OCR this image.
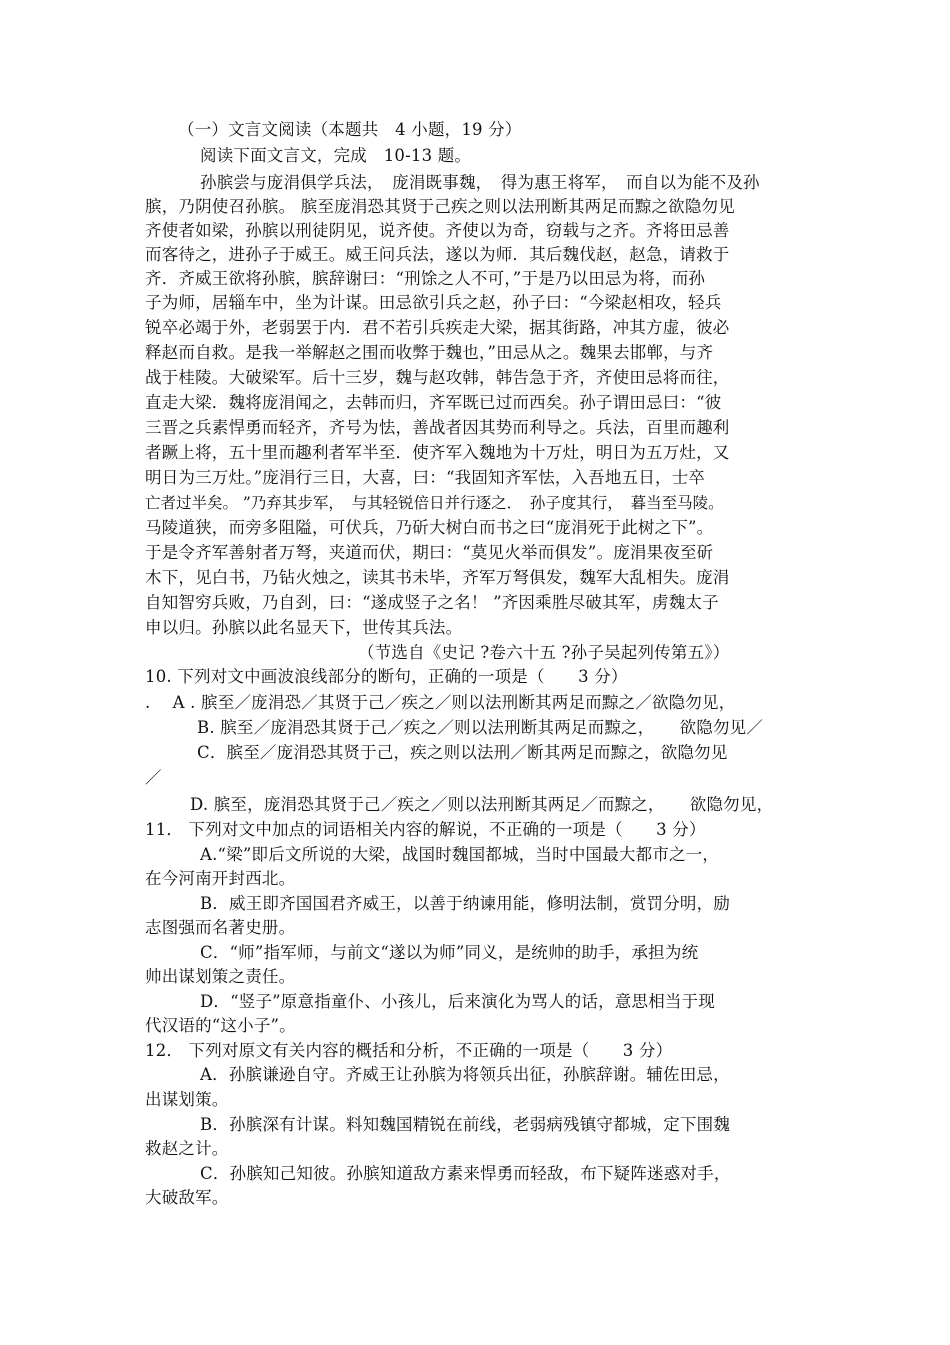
（一）文言文阅读（本题共　4 小题，19 分）
阅读下面文言文，完成　10-13 题。
孙膑尝与庞涓俱学兵法，　庞涓既事魏，　得为惠王将军，　而自以为能不及孙
膑，乃阴使召孙膑。 膑至庞涓恐其贤于己疾之则以法刑断其两足而黥之欲隐勿见
齐使者如梁，孙膑以刑徒阴见，说齐使。齐使以为奇，窃载与之齐。齐将田忌善
而客待之，进孙子于威王。威王问兵法，遂以为师．其后魏伐赵，赵急，请救于
齐．齐威王欲将孙膑，膑辞谢曰：“刑馀之人不可，”于是乃以田忌为将，而孙
子为师，居辎车中，坐为计谋。田忌欲引兵之赵，孙子曰：“今梁赵相攻，轻兵
锐卒必竭于外，老弱罢于内．君不若引兵疾走大梁，据其街路，冲其方虚，彼必
释赵而自救。是我一举解赵之围而收弊于魏也，”田忌从之。魏果去邯郸，与齐
战于桂陵。大破梁军。后十三岁，魏与赵攻韩，韩告急于齐，齐使田忌将而往，
直走大梁．魏将庞涓闻之，去韩而归，齐军既已过而西矣。孙子谓田忌曰：“彼
三晋之兵素悍勇而轻齐，齐号为怯，善战者因其势而利导之。兵法，百里而趣利
者蹶上将，五十里而趣利者军半至．使齐军入魏地为十万灶，明日为五万灶，又
明日为三万灶。”庞涓行三日，大喜，曰：“我固知齐军怯，入吾地五日，士卒
亡者过半矣。 ”乃弃其步军，　与其轻锐倍日并行逐之．　孙子度其行，　暮当至马陵。
马陵道狭，而旁多阻隘，可伏兵，乃斫大树白而书之曰“庞涓死于此树之下”。
于是令齐军善射者万弩，夹道而伏，期曰：“莫见火举而俱发”。庞涓果夜至斫
木下，见白书，乃钻火烛之，读其书未毕，齐军万弩俱发，魏军大乱相失。庞涓
自知智穷兵败，乃自刭，曰：“遂成竖子之名！ ”齐因乘胜尽破其军，虏魏太子
申以归。孙膑以此名显天下，世传其兵法。
（节选自《史记 ?卷六十五 ?孙子吴起列传第五》）
10. 下列对文中画波浪线部分的断句，正确的一项是（　　3 分）
.　 A . 膑至／庞涓恐／其贤于己／疾之／则以法刑断其两足而黥之／欲隐勿见，
B. 膑至／庞涓恐其贤于己／疾之／则以法刑断其两足而黥之，　　欲隐勿见／
C．膑至／庞涓恐其贤于己，疾之则以法刑／断其两足而黥之，欲隐勿见
／
D. 膑至，庞涓恐其贤于己／疾之／则以法刑断其两足／而黥之，　　欲隐勿见，
11． 下列对文中加点的词语相关内容的解说，不正确的一项是（　　3 分）
A.“梁”即后文所说的大梁，战国时魏国都城，当时中国最大都市之一，
在今河南开封西北。
B．威王即齐国国君齐威王，以善于纳谏用能，修明法制，赏罚分明，励
志图强而名著史册。
C．“师”指军师，与前文“遂以为师”同义，是统帅的助手，承担为统
帅出谋划策之责任。
D．“竖子”原意指童仆、小孩儿，后来演化为骂人的话，意思相当于现
代汉语的“这小子”。
12． 下列对原文有关内容的概括和分析，不正确的一项是（　　3 分）
A．孙膑谦逊自守。齐威王让孙膑为将领兵出征，孙膑辞谢。辅佐田忌，
出谋划策。
B．孙膑深有计谋。料知魏国精锐在前线，老弱病残镇守都城，定下围魏
救赵之计。
C．孙膑知己知彼。孙膑知道敌方素来悍勇而轻敌，布下疑阵迷惑对手，
大破敌军。
